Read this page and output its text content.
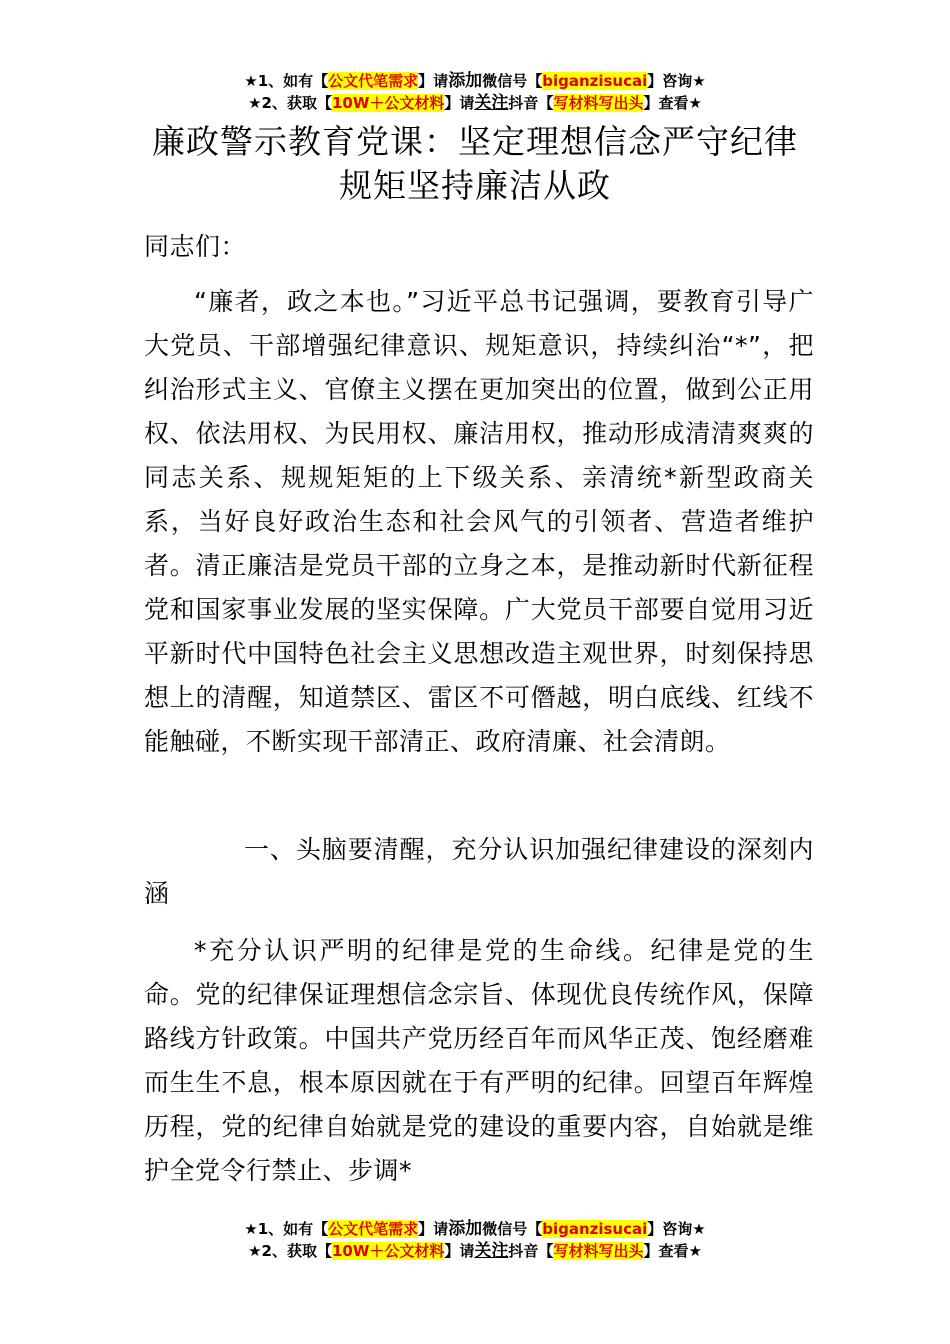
★1、如有【公文代笔需求】请添加微信号【biganzisucai】咨询★
★2、获取【10W＋公文材料】请关注抖音【写材料写出头】查看★
廉政警示教育党课：坚定理想信念严守纪律
规矩坚持廉洁从政

同志们：

“廉者，政之本也。”习近平总书记强调，要教育引导广大党员、干部增强纪律意识、规矩意识，持续纠治“*”，把纠治形式主义、官僚主义摆在更加突出的位置，做到公正用权、依法用权、为民用权、廉洁用权，推动形成清清爽爽的同志关系、规规矩矩的上下级关系、亲清统*新型政商关系，当好良好政治生态和社会风气的引领者、营造者维护者。清正廉洁是党员干部的立身之本，是推动新时代新征程党和国家事业发展的坚实保障。广大党员干部要自觉用习近平新时代中国特色社会主义思想改造主观世界，时刻保持思想上的清醒，知道禁区、雷区不可僭越，明白底线、红线不能触碰，不断实现干部清正、政府清廉、社会清朗。

一、头脑要清醒，充分认识加强纪律建设的深刻内涵

*充分认识严明的纪律是党的生命线。纪律是党的生命。党的纪律保证理想信念宗旨、体现优良传统作风，保障路线方针政策。中国共产党历经百年而风华正茂、饱经磨难而生生不息，根本原因就在于有严明的纪律。回望百年辉煌历程，党的纪律自始就是党的建设的重要内容，自始就是维护全党令行禁止、步调*

★1、如有【公文代笔需求】请添加微信号【biganzisucai】咨询★
★2、获取【10W＋公文材料】请关注抖音【写材料写出头】查看★
